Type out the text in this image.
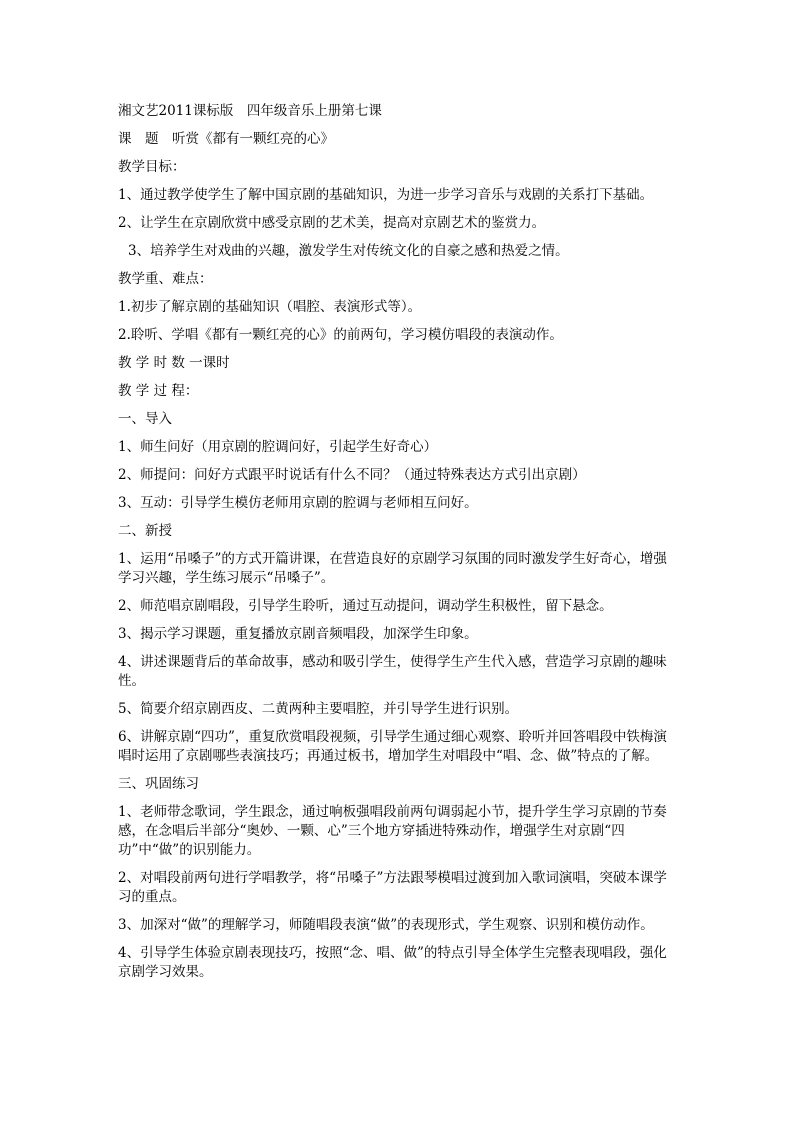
湘文艺2011课标版　四年级音乐上册第七课
课　题　听赏《都有一颗红亮的心》
教学目标：
1、通过教学使学生了解中国京剧的基础知识，为进一步学习音乐与戏剧的关系打下基础。
2、让学生在京剧欣赏中感受京剧的艺术美，提高对京剧艺术的鉴赏力。
3、培养学生对戏曲的兴趣，激发学生对传统文化的自豪之感和热爱之情。
教学重、难点：
1.初步了解京剧的基础知识（唱腔、表演形式等）。
2.聆听、学唱《都有一颗红亮的心》的前两句，学习模仿唱段的表演动作。
教 学 时 数 一课时
教 学 过 程：
一、导入
1、师生问好（用京剧的腔调问好，引起学生好奇心）
2、师提问：问好方式跟平时说话有什么不同？（通过特殊表达方式引出京剧）
3、互动：引导学生模仿老师用京剧的腔调与老师相互问好。
二、新授
1、运用“吊嗓子”的方式开篇讲课，在营造良好的京剧学习氛围的同时激发学生好奇心，增强学习兴趣，学生练习展示“吊嗓子”。
2、师范唱京剧唱段，引导学生聆听，通过互动提问，调动学生积极性，留下悬念。
3、揭示学习课题，重复播放京剧音频唱段，加深学生印象。
4、讲述课题背后的革命故事，感动和吸引学生，使得学生产生代入感，营造学习京剧的趣味性。
5、简要介绍京剧西皮、二黄两种主要唱腔，并引导学生进行识别。
6、讲解京剧“四功”，重复欣赏唱段视频，引导学生通过细心观察、聆听并回答唱段中铁梅演唱时运用了京剧哪些表演技巧；再通过板书，增加学生对唱段中“唱、念、做”特点的了解。
三、巩固练习
1、老师带念歌词，学生跟念，通过响板强唱段前两句调弱起小节，提升学生学习京剧的节奏感，在念唱后半部分“奥妙、一颗、心”三个地方穿插进特殊动作，增强学生对京剧“四功”中“做”的识别能力。
2、对唱段前两句进行学唱教学，将“吊嗓子”方法跟琴模唱过渡到加入歌词演唱，突破本课学习的重点。
3、加深对“做”的理解学习，师随唱段表演“做”的表现形式，学生观察、识别和模仿动作。
4、引导学生体验京剧表现技巧，按照“念、唱、做”的特点引导全体学生完整表现唱段，强化京剧学习效果。
